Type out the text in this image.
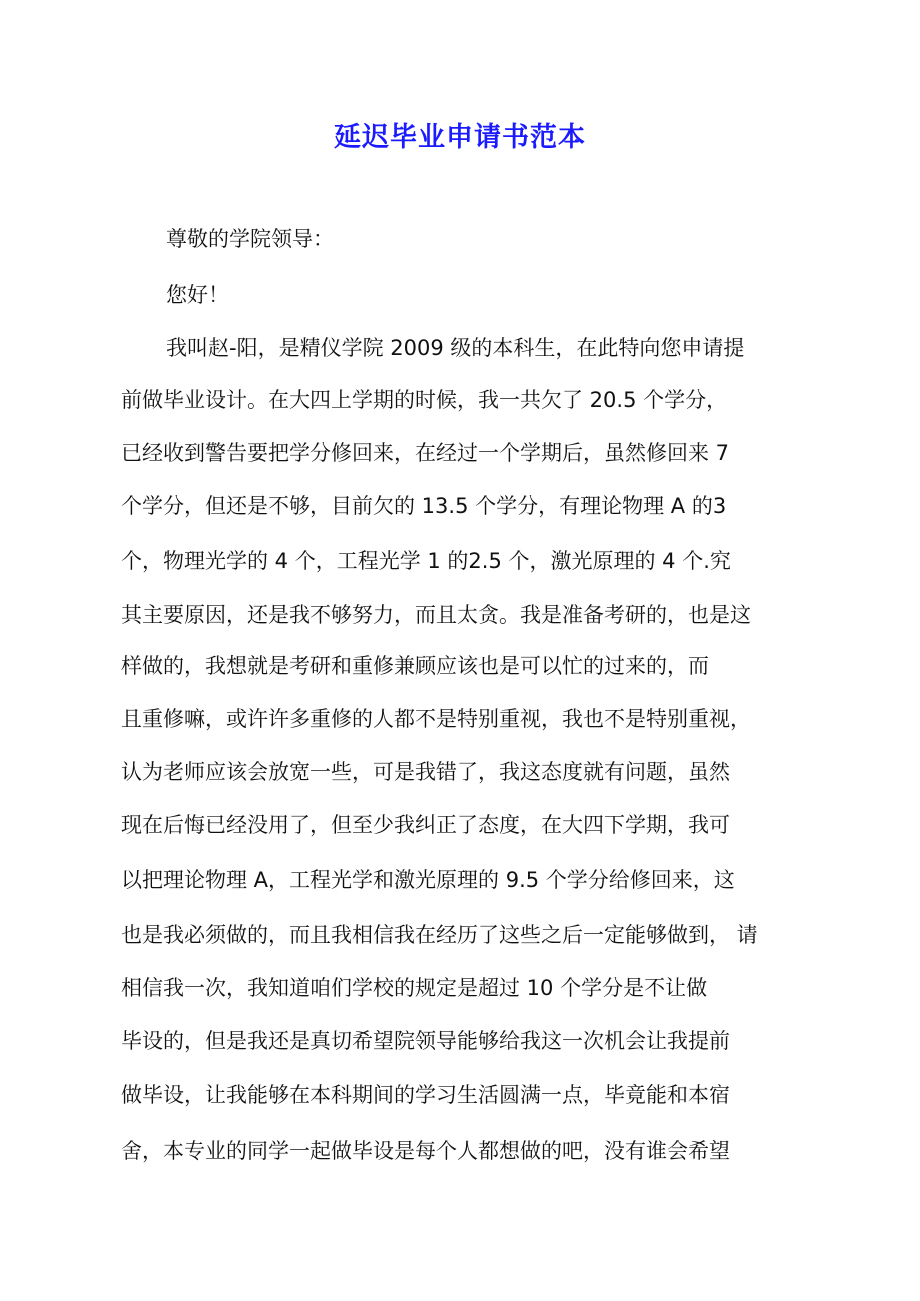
延迟毕业申请书范本
尊敬的学院领导：
您好！
我叫赵-阳，是精仪学院 2009 级的本科生，在此特向您申请提
前做毕业设计。在大四上学期的时候，我一共欠了 20.5 个学分，
已经收到警告要把学分修回来，在经过一个学期后，虽然修回来 7
个学分，但还是不够，目前欠的 13.5 个学分，有理论物理 A 的3
个，物理光学的 4 个，工程光学 1 的2.5 个，激光原理的 4 个.究
其主要原因，还是我不够努力，而且太贪。我是准备考研的，也是这
样做的，我想就是考研和重修兼顾应该也是可以忙的过来的，而
且重修嘛，或许许多重修的人都不是特别重视，我也不是特别重视，
认为老师应该会放宽一些，可是我错了，我这态度就有问题，虽然
现在后悔已经没用了，但至少我纠正了态度，在大四下学期，我可
以把理论物理 A，工程光学和激光原理的 9.5 个学分给修回来，这
也是我必须做的，而且我相信我在经历了这些之后一定能够做到， 请
相信我一次，我知道咱们学校的规定是超过 10 个学分是不让做
毕设的，但是我还是真切希望院领导能够给我这一次机会让我提前
做毕设，让我能够在本科期间的学习生活圆满一点，毕竟能和本宿
舍，本专业的同学一起做毕设是每个人都想做的吧，没有谁会希望
